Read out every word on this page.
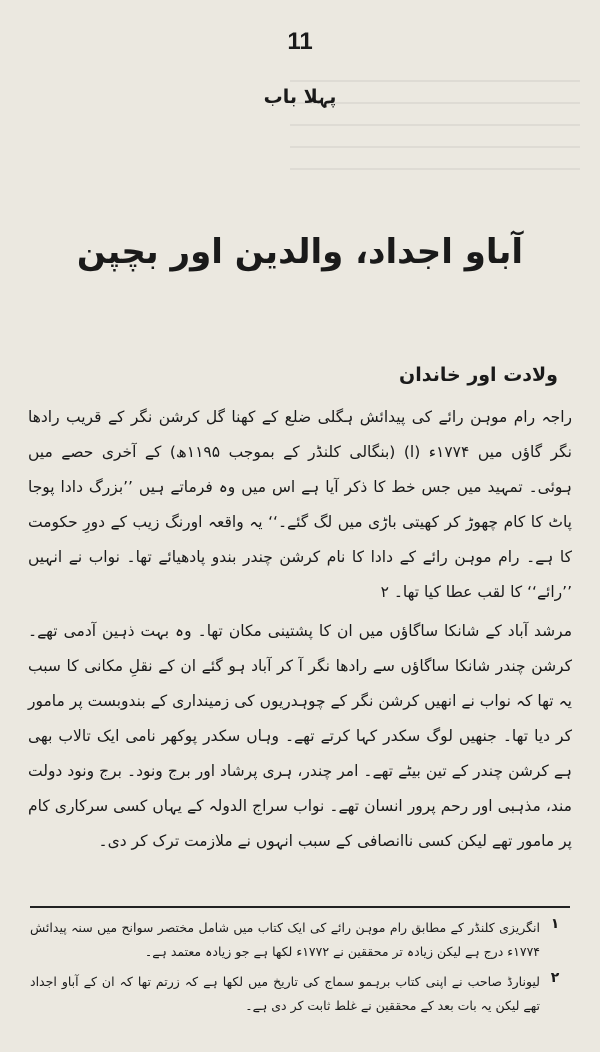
11
پہلا باب
آباو اجداد، والدین اور بچپن
ولادت اور خاندان

راجہ رام موہن رائے کی پیدائش ہگلی ضلع کے کھنا گل کرشن نگر کے قریب رادھا نگر گاؤں میں ۱۷۷۴ء (ا) (بنگالی کلنڈر کے بموجب ۱۱۹۵ھ) کے آخری حصے میں ہوئی۔ تمہید میں جس خط کا ذکر آیا ہے اس میں وہ فرماتے ہیں ’’بزرگ دادا پوجا پاٹ کا کام چھوڑ کر کھیتی باڑی میں لگ گئے۔‘‘ یہ واقعہ اورنگ زیب کے دورِ حکومت کا ہے۔ رام موہن رائے کے دادا کا نام کرشن چندر بندو پادھیائے تھا۔ نواب نے انہیں ’’رائے‘‘ کا لقب عطا کیا تھا۔ ۲

مرشد آباد کے شانکا ساگاؤں میں ان کا پشتینی مکان تھا۔ وہ بہت ذہین آدمی تھے۔ کرشن چندر شانکا ساگاؤں سے رادھا نگر آ کر آباد ہو گئے ان کے نقلِ مکانی کا سبب یہ تھا کہ نواب نے انھیں کرشن نگر کے چوہدریوں کی زمینداری کے بندوبست پر مامور کر دیا تھا۔ جنھیں لوگ سکدر کہا کرتے تھے۔ وہاں سکدر پوکھر نامی ایک تالاب بھی ہے کرشن چندر کے تین بیٹے تھے۔ امر چندر، ہری پرشاد اور برج ونود۔ برج ونود دولت مند، مذہبی اور رحم پرور انسان تھے۔ نواب سراج الدولہ کے یہاں کسی سرکاری کام پر مامور تھے لیکن کسی ناانصافی کے سبب انہوں نے ملازمت ترک کر دی۔

۱
انگریزی کلنڈر کے مطابق رام موہن رائے کی ایک کتاب میں شامل مختصر سوانح میں سنہ پیدائش ۱۷۷۴ء درج ہے لیکن زیادہ تر محققین نے ۱۷۷۲ء لکھا ہے جو زیادہ معتمد ہے۔
۲
لیونارڈ صاحب نے اپنی کتاب برہمو سماج کی تاریخ میں لکھا ہے کہ زرتم تھا کہ ان کے آباو اجداد تھے لیکن یہ بات بعد کے محققین نے غلط ثابت کر دی ہے۔
